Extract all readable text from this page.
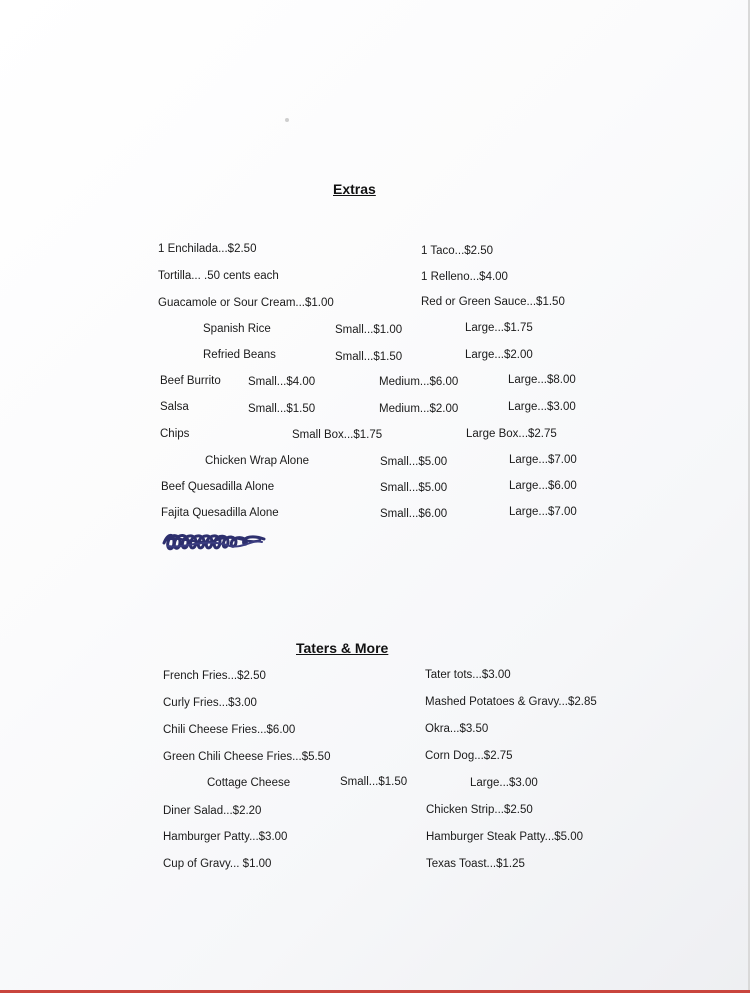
Extras
1 Enchilada...$2.50	1 Taco...$2.50
Tortilla... .50 cents each	1 Relleno...$4.00
Guacamole or Sour Cream...$1.00	Red or Green Sauce...$1.50
Spanish Rice	Small...$1.00	Large...$1.75
Refried Beans	Small...$1.50	Large...$2.00
Beef Burrito Small...$4.00	Medium...$6.00	Large...$8.00
Salsa	Small...$1.50	Medium...$2.00	Large...$3.00
Chips	Small Box...$1.75	Large Box...$2.75
Chicken Wrap Alone	Small...$5.00	Large...$7.00
Beef Quesadilla Alone	Small...$5.00	Large...$6.00
Fajita Quesadilla Alone	Small...$6.00	Large...$7.00
Taters & More
French Fries...$2.50	Tater tots...$3.00
Curly Fries...$3.00	Mashed Potatoes & Gravy...$2.85
Chili Cheese Fries...$6.00	Okra...$3.50
Green Chili Cheese Fries...$5.50	Corn Dog...$2.75
Cottage Cheese	Small...$1.50	Large...$3.00
Diner Salad...$2.20	Chicken Strip...$2.50
Hamburger Patty...$3.00	Hamburger Steak Patty...$5.00
Cup of Gravy... $1.00	Texas Toast...$1.25
